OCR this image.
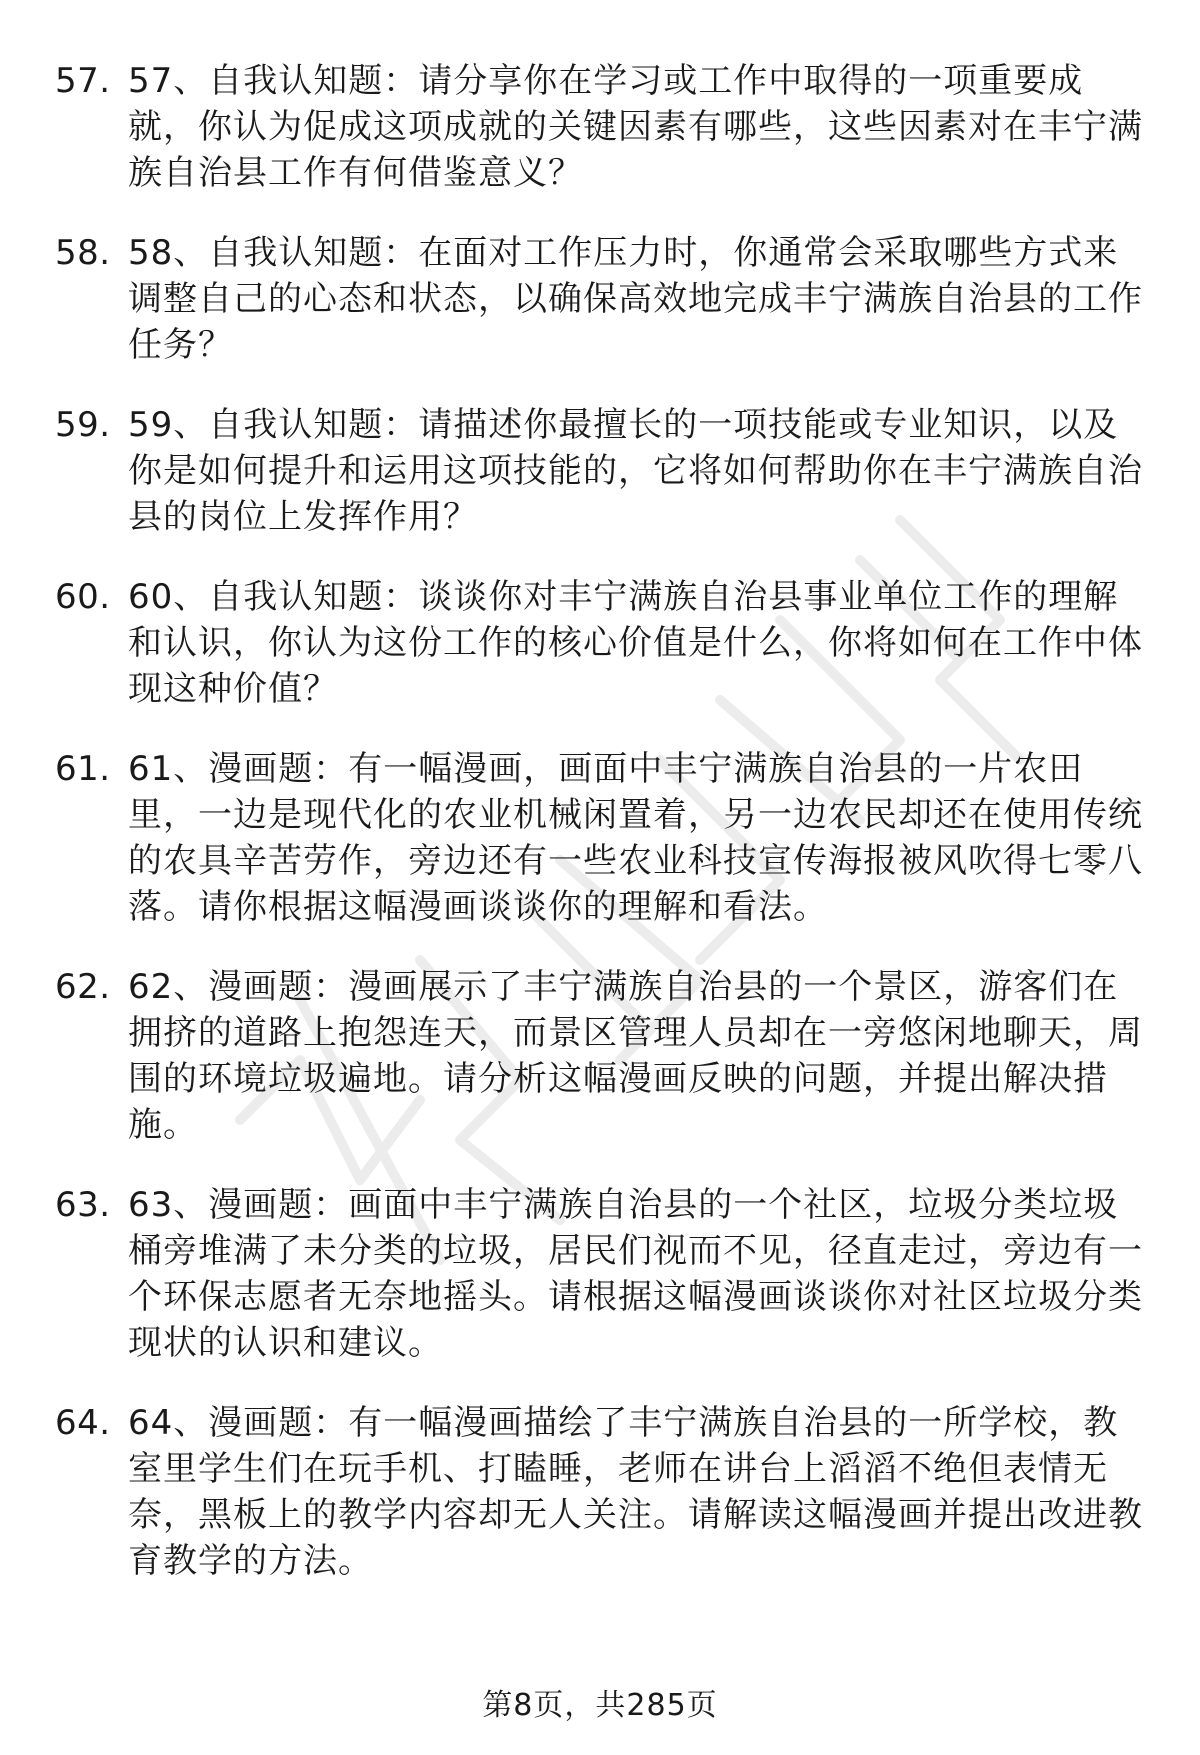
57. 57、自我认知题：请分享你在学习或工作中取得的一项重要成就，你认为促成这项成就的关键因素有哪些，这些因素对在丰宁满族自治县工作有何借鉴意义？
58. 58、自我认知题：在面对工作压力时，你通常会采取哪些方式来调整自己的心态和状态，以确保高效地完成丰宁满族自治县的工作任务？
59. 59、自我认知题：请描述你最擅长的一项技能或专业知识，以及你是如何提升和运用这项技能的，它将如何帮助你在丰宁满族自治县的岗位上发挥作用？
60. 60、自我认知题：谈谈你对丰宁满族自治县事业单位工作的理解和认识，你认为这份工作的核心价值是什么，你将如何在工作中体现这种价值？
61. 61、漫画题：有一幅漫画，画面中丰宁满族自治县的一片农田里，一边是现代化的农业机械闲置着，另一边农民却还在使用传统的农具辛苦劳作，旁边还有一些农业科技宣传海报被风吹得七零八落。请你根据这幅漫画谈谈你的理解和看法。
62. 62、漫画题：漫画展示了丰宁满族自治县的一个景区，游客们在拥挤的道路上抱怨连天，而景区管理人员却在一旁悠闲地聊天，周围的环境垃圾遍地。请分析这幅漫画反映的问题，并提出解决措施。
63. 63、漫画题：画面中丰宁满族自治县的一个社区，垃圾分类垃圾桶旁堆满了未分类的垃圾，居民们视而不见，径直走过，旁边有一个环保志愿者无奈地摇头。请根据这幅漫画谈谈你对社区垃圾分类现状的认识和建议。
64. 64、漫画题：有一幅漫画描绘了丰宁满族自治县的一所学校，教室里学生们在玩手机、打瞌睡，老师在讲台上滔滔不绝但表情无奈，黑板上的教学内容却无人关注。请解读这幅漫画并提出改进教育教学的方法。
第8页，共285页
